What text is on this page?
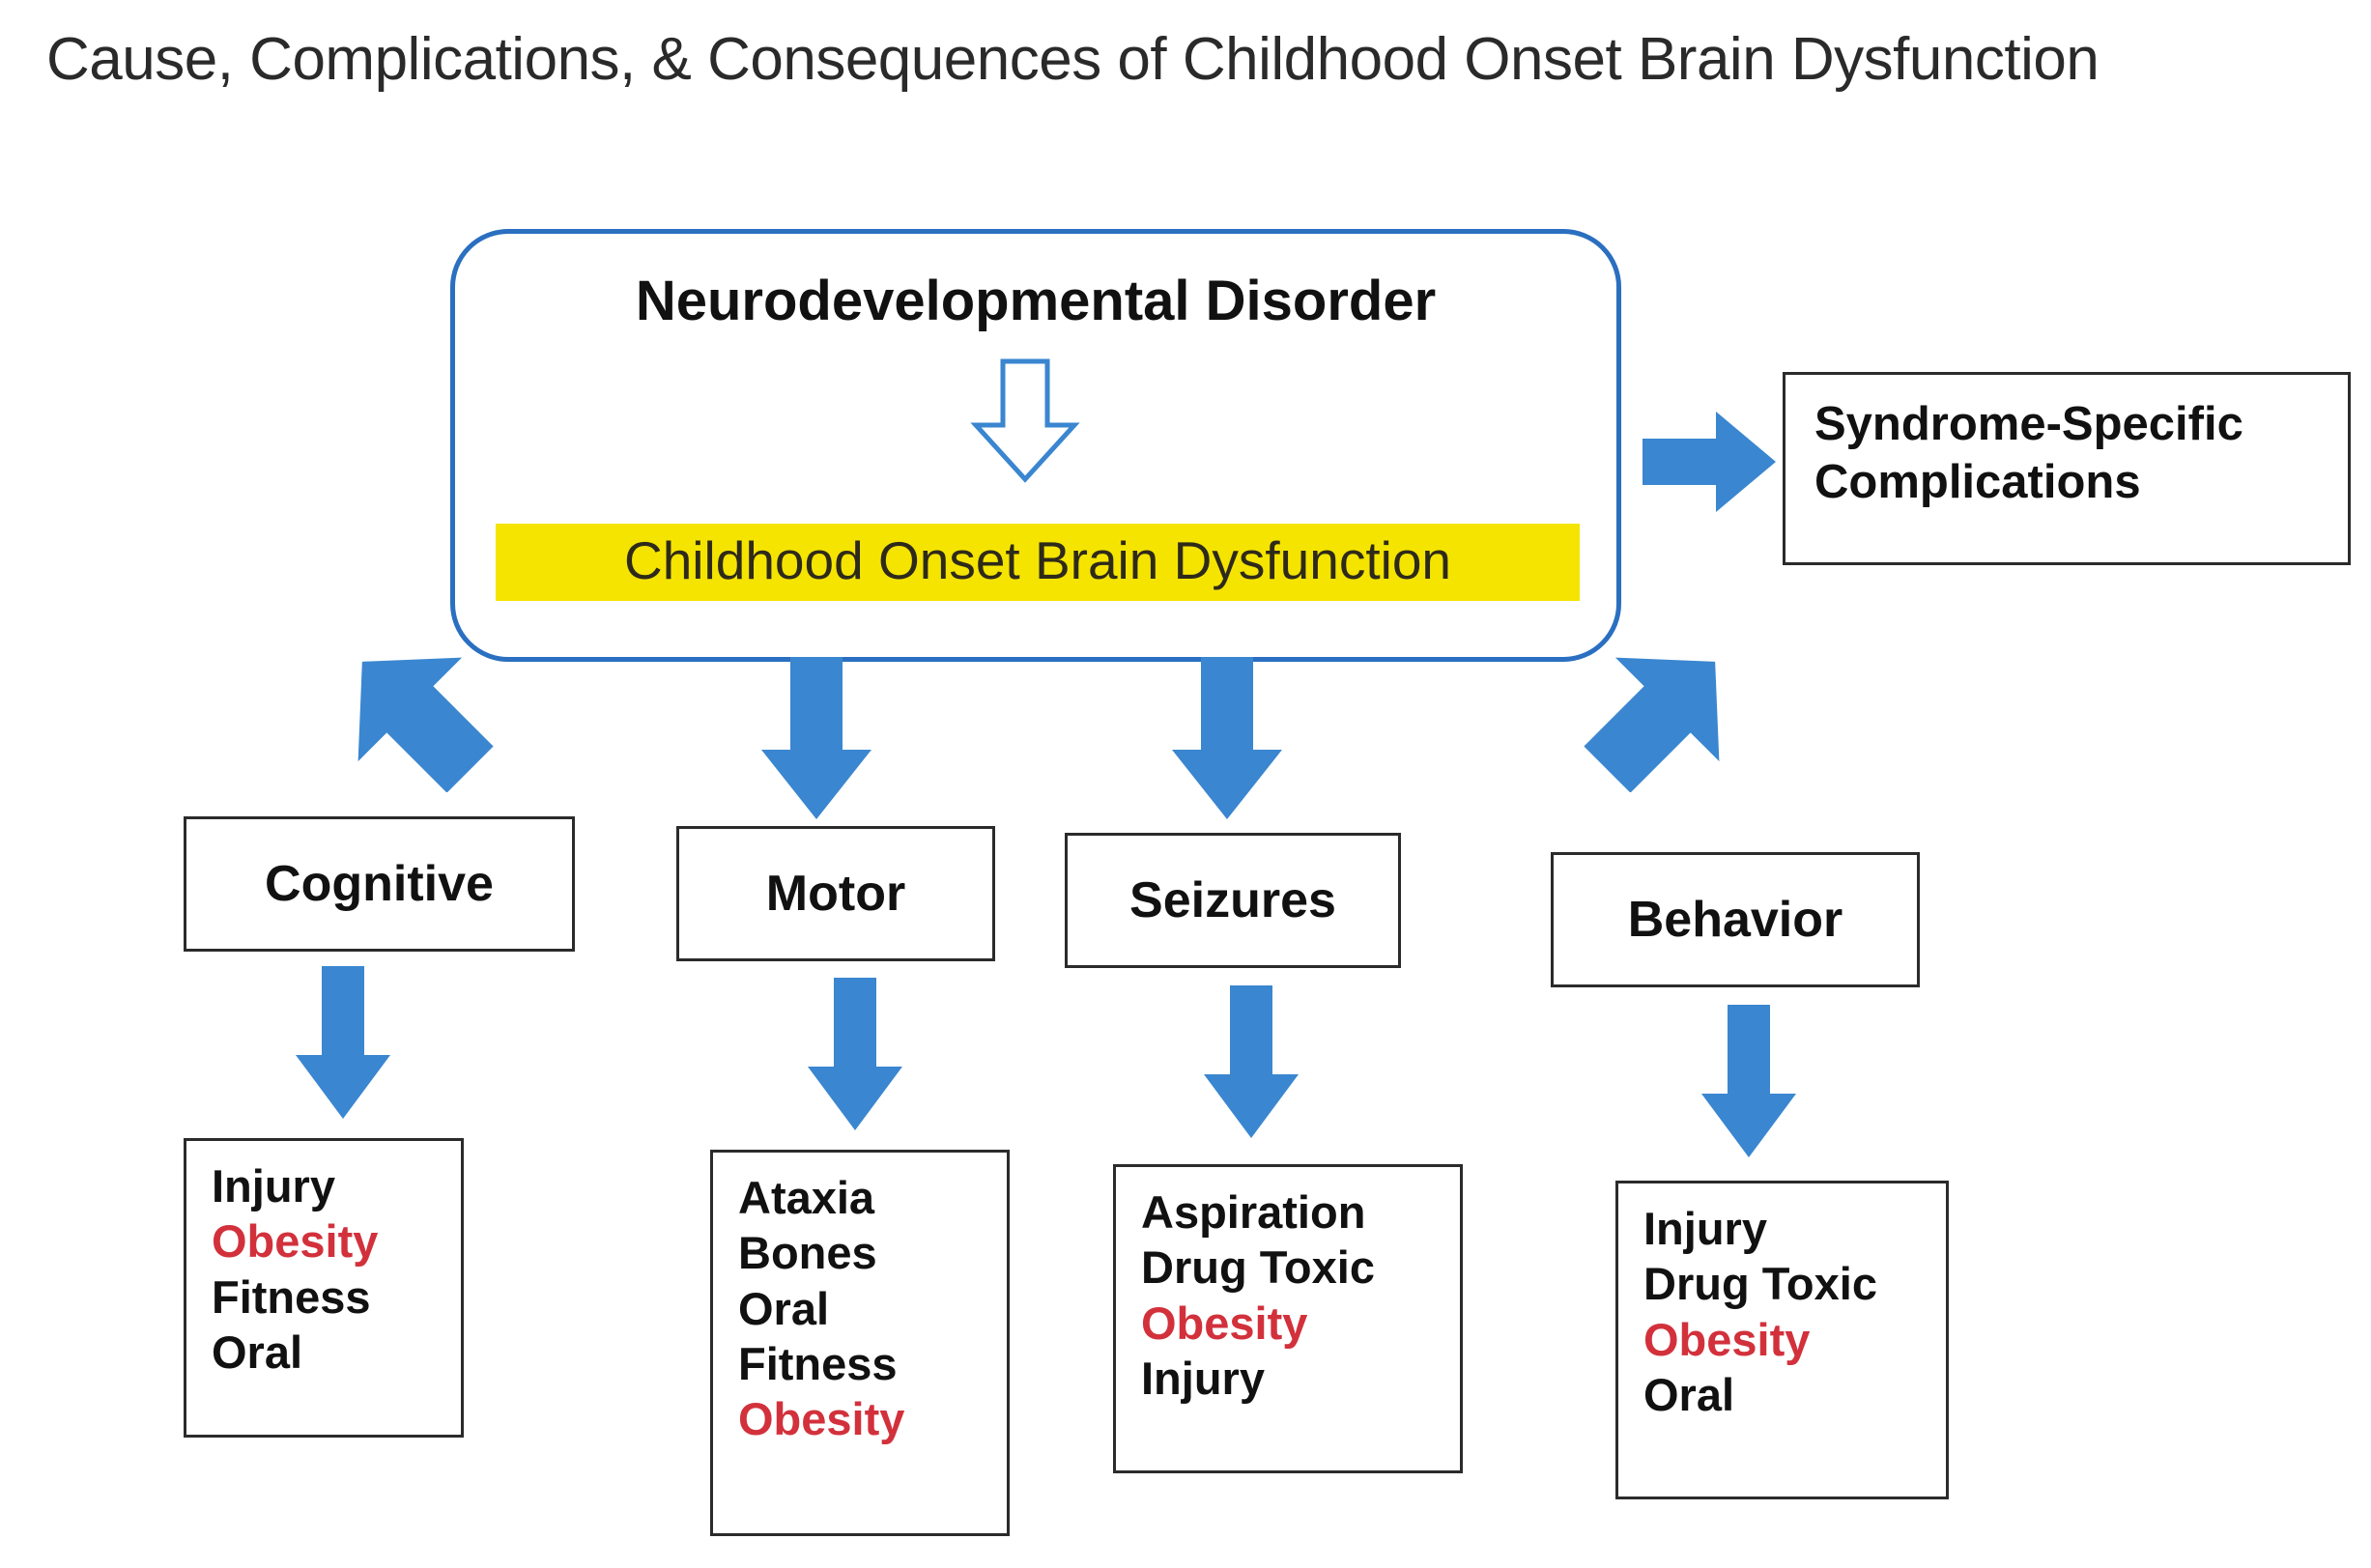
Cause, Complications, & Consequences of Childhood Onset Brain Dysfunction
Neurodevelopmental Disorder
Childhood Onset Brain Dysfunction
Syndrome-Specific
Complications
Cognitive	Motor	Seizures	Behavior
Injury
Obesity
Fitness
Oral
Ataxia
Bones
Oral
Fitness
Obesity
Aspiration
Drug Toxic
Obesity
Injury
Injury
Drug Toxic
Obesity
Oral
